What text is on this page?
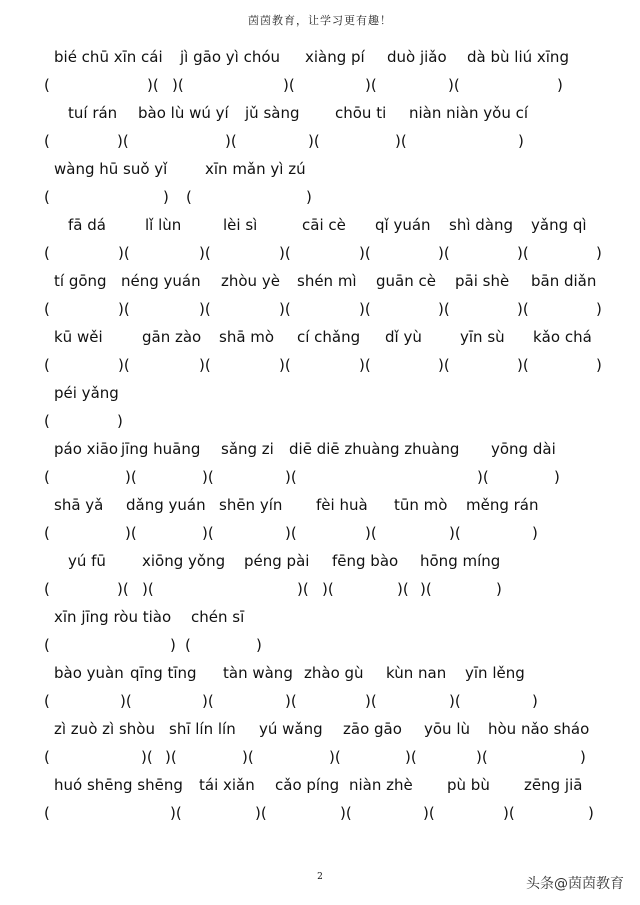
茵茵教育，让学习更有趣！
bié chū xīn cái jì gāo yì chóu xiàng pí duò jiǎo dà bù liú xīng
(	)( )(	)(	)(	)(	)
tuí rán bào lù wú yí jǔ sàng chōu ti niàn niàn yǒu cí
(	)(	)(	)(	)(	)
wàng hū suǒ yǐ	xīn mǎn yì zú
(	) (	)
fā dá	lǐ lùn	lèi sì	cāi cè qǐ yuán shì dàng yǎng qì
(	)(	)(	)(	)(	)(	)(	)
tí gōng néng yuán zhòu yè shén mì guān cè pāi shè bān diǎn
(	)(	)(	)(	)(	)(	)(	)
kū wěi	gān zào shā mò cí chǎng dǐ yù	yīn sù kǎo chá
(	)(	)(	)(	)(	)(	)(	)
péi yǎng
(	)
páo xiāo jīng huāng sǎng zi diē diē zhuàng zhuàng yōng dài
(	)(	)(	)(	)(	)
shā yǎ dǎng yuán shēn yín fèi huà tūn mò měng rán
(	)(	)(	)(	)(	)(	)
yú fū xiōng yǒng péng pài fēng bào hōng míng
(	)( )(	)( )(	)( )(	)
xīn jīng ròu tiào chén sī
(	) (	)
bào yuàn qīng tīng tàn wàng zhào gù kùn nan yīn lěng
(	)(	)(	)(	)(	)(	)
zì zuò zì shòu shī lín lín yú wǎng zāo gāo yōu lù hòu nǎo sháo
(	)( )(	)(	)(	)(	)(	)
huó shēng shēng tái xiǎn cǎo píng niàn zhè pù bù zēng jiā
(	)(	)(	)(	)(	)(	)
2	头条@茵茵教育
